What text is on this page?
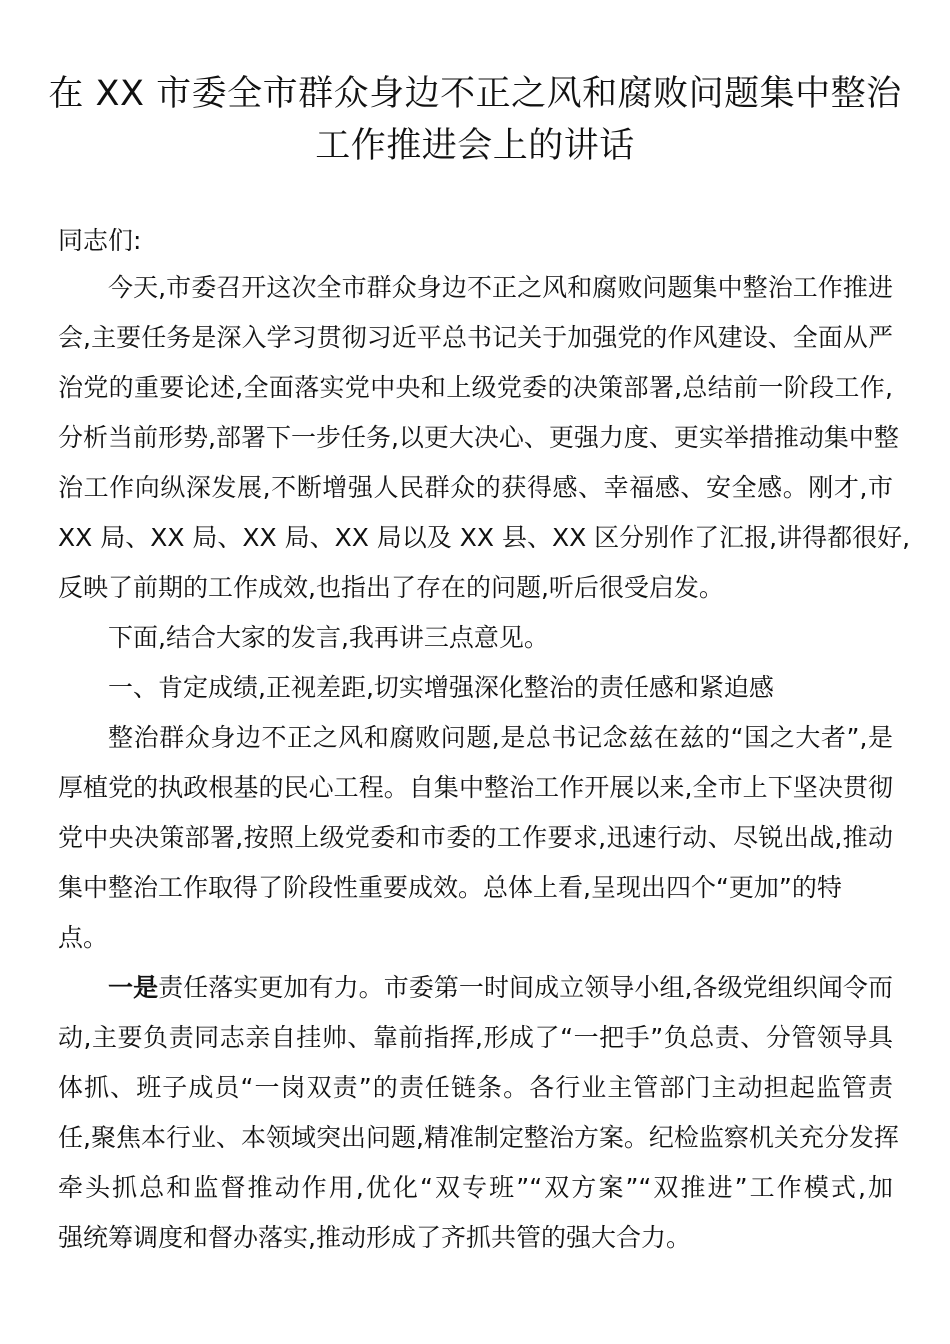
在 XX 市委全市群众身边不正之风和腐败问题集中整治
工作推进会上的讲话

同志们:

今天,市委召开这次全市群众身边不正之风和腐败问题集中整治工作推进

会,主要任务是深入学习贯彻习近平总书记关于加强党的作风建设、全面从严

治党的重要论述,全面落实党中央和上级党委的决策部署,总结前一阶段工作,

分析当前形势,部署下一步任务,以更大决心、更强力度、更实举措推动集中整

治工作向纵深发展,不断增强人民群众的获得感、幸福感、安全感。刚才,市

XX 局、XX 局、XX 局、XX 局以及 XX 县、XX 区分别作了汇报,讲得都很好,

反映了前期的工作成效,也指出了存在的问题,听后很受启发。

下面,结合大家的发言,我再讲三点意见。

一、肯定成绩,正视差距,切实增强深化整治的责任感和紧迫感

整治群众身边不正之风和腐败问题,是总书记念兹在兹的“国之大者”,是

厚植党的执政根基的民心工程。自集中整治工作开展以来,全市上下坚决贯彻

党中央决策部署,按照上级党委和市委的工作要求,迅速行动、尽锐出战,推动

集中整治工作取得了阶段性重要成效。总体上看,呈现出四个“更加”的特

点。

一是责任落实更加有力。市委第一时间成立领导小组,各级党组织闻令而

动,主要负责同志亲自挂帅、靠前指挥,形成了“一把手”负总责、分管领导具

体抓、班子成员“一岗双责”的责任链条。各行业主管部门主动担起监管责

任,聚焦本行业、本领域突出问题,精准制定整治方案。纪检监察机关充分发挥

牵头抓总和监督推动作用,优化“双专班”“双方案”“双推进”工作模式,加

强统筹调度和督办落实,推动形成了齐抓共管的强大合力。
